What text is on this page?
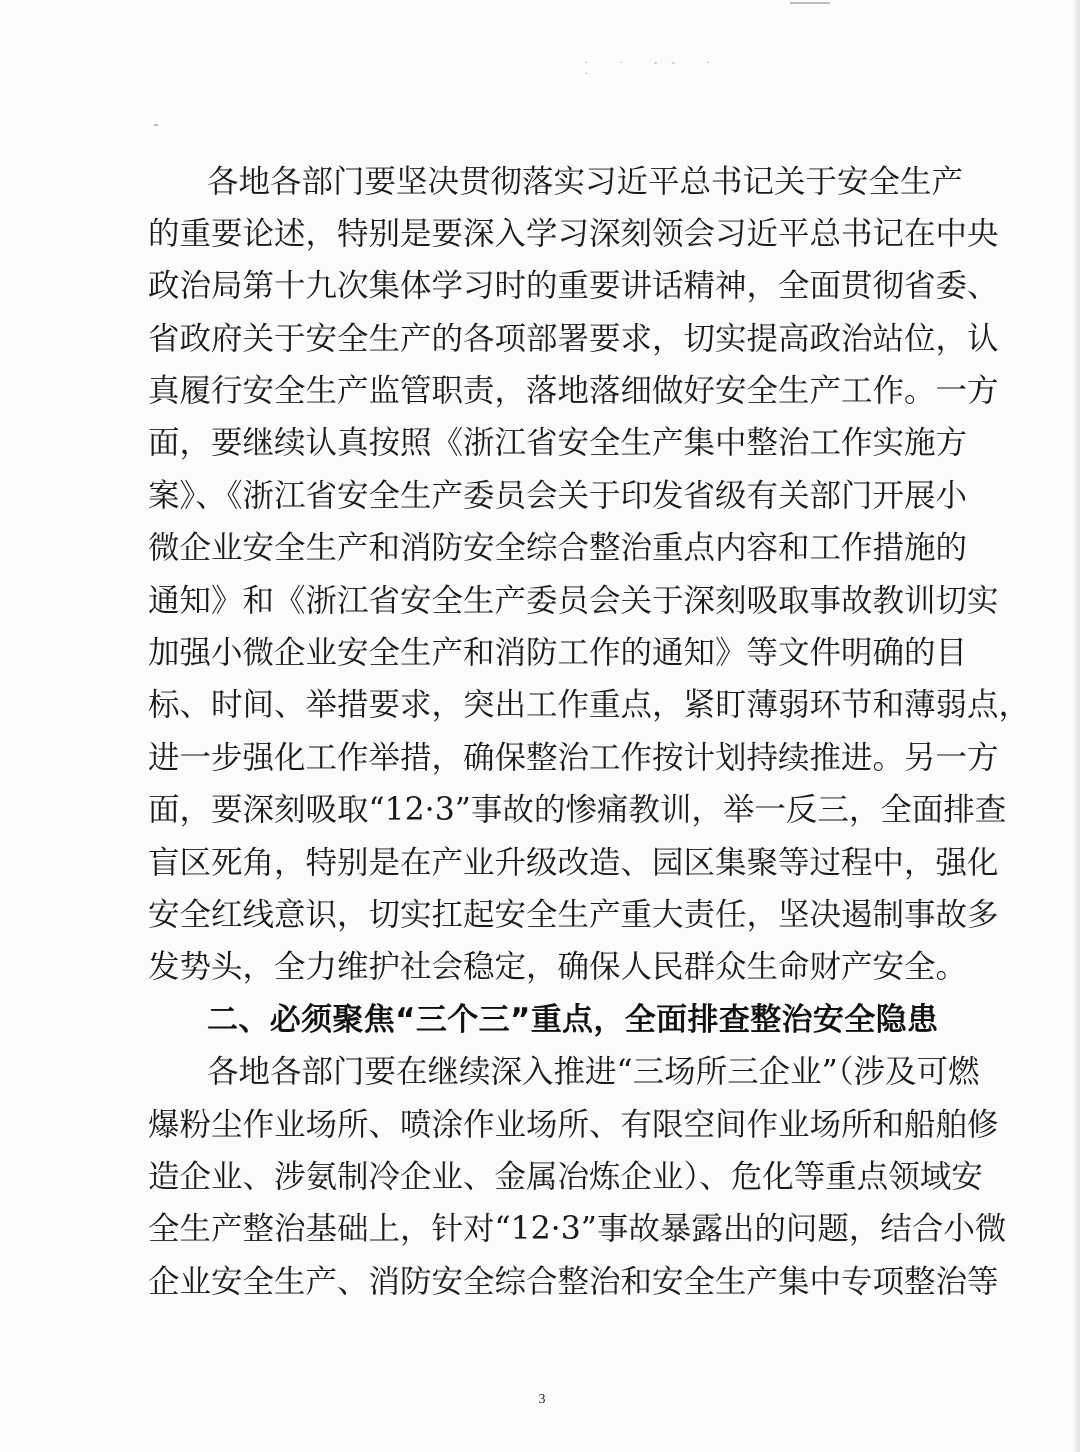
· · -- · ·
各地各部门要坚决贯彻落实习近平总书记关于安全生产
的重要论述，特别是要深入学习深刻领会习近平总书记在中央
政治局第十九次集体学习时的重要讲话精神，全面贯彻省委、
省政府关于安全生产的各项部署要求，切实提高政治站位，认
真履行安全生产监管职责，落地落细做好安全生产工作。一方
面，要继续认真按照《浙江省安全生产集中整治工作实施方
案》、《浙江省安全生产委员会关于印发省级有关部门开展小
微企业安全生产和消防安全综合整治重点内容和工作措施的
通知》和《浙江省安全生产委员会关于深刻吸取事故教训切实
加强小微企业安全生产和消防工作的通知》等文件明确的目
标、时间、举措要求，突出工作重点，紧盯薄弱环节和薄弱点，
进一步强化工作举措，确保整治工作按计划持续推进。另一方
面，要深刻吸取“12·3”事故的惨痛教训，举一反三，全面排查
盲区死角，特别是在产业升级改造、园区集聚等过程中，强化
安全红线意识，切实扛起安全生产重大责任，坚决遏制事故多
发势头，全力维护社会稳定，确保人民群众生命财产安全。
二、必须聚焦“三个三”重点，全面排查整治安全隐患
各地各部门要在继续深入推进“三场所三企业”（涉及可燃
爆粉尘作业场所、喷涂作业场所、有限空间作业场所和船舶修
造企业、涉氨制冷企业、金属冶炼企业）、危化等重点领域安
全生产整治基础上，针对“12·3”事故暴露出的问题，结合小微
企业安全生产、消防安全综合整治和安全生产集中专项整治等
3
